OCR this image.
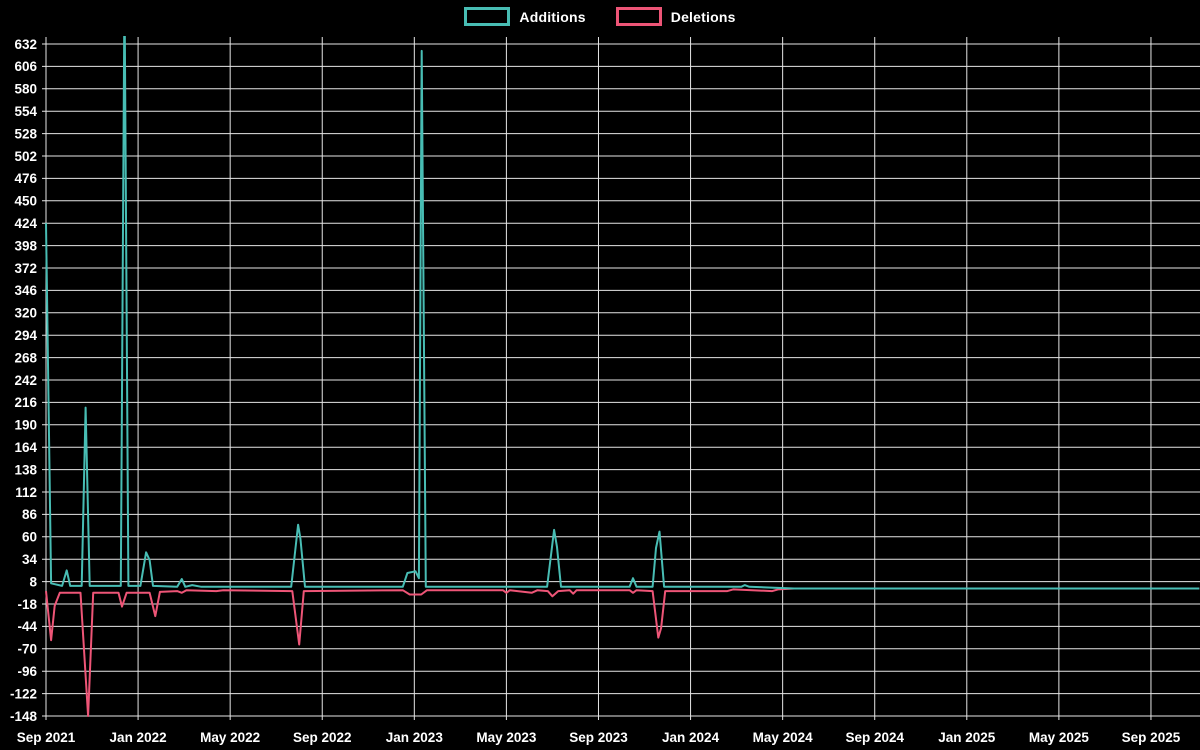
Additions	Deletions
632
606
580
554
528
502
476
450
424
398
372
346
320
294
268
242
216
190
164
138
112
86
60
34
8
-18
-44
-70
-96
-122
-148
Sep 2021	Jan 2022 May 2022 Sep 2022	Jan 2023 May 2023 Sep 2023	Jan 2024 May 2024 Sep 2024	Jan 2025 May 2025 Sep 2025
